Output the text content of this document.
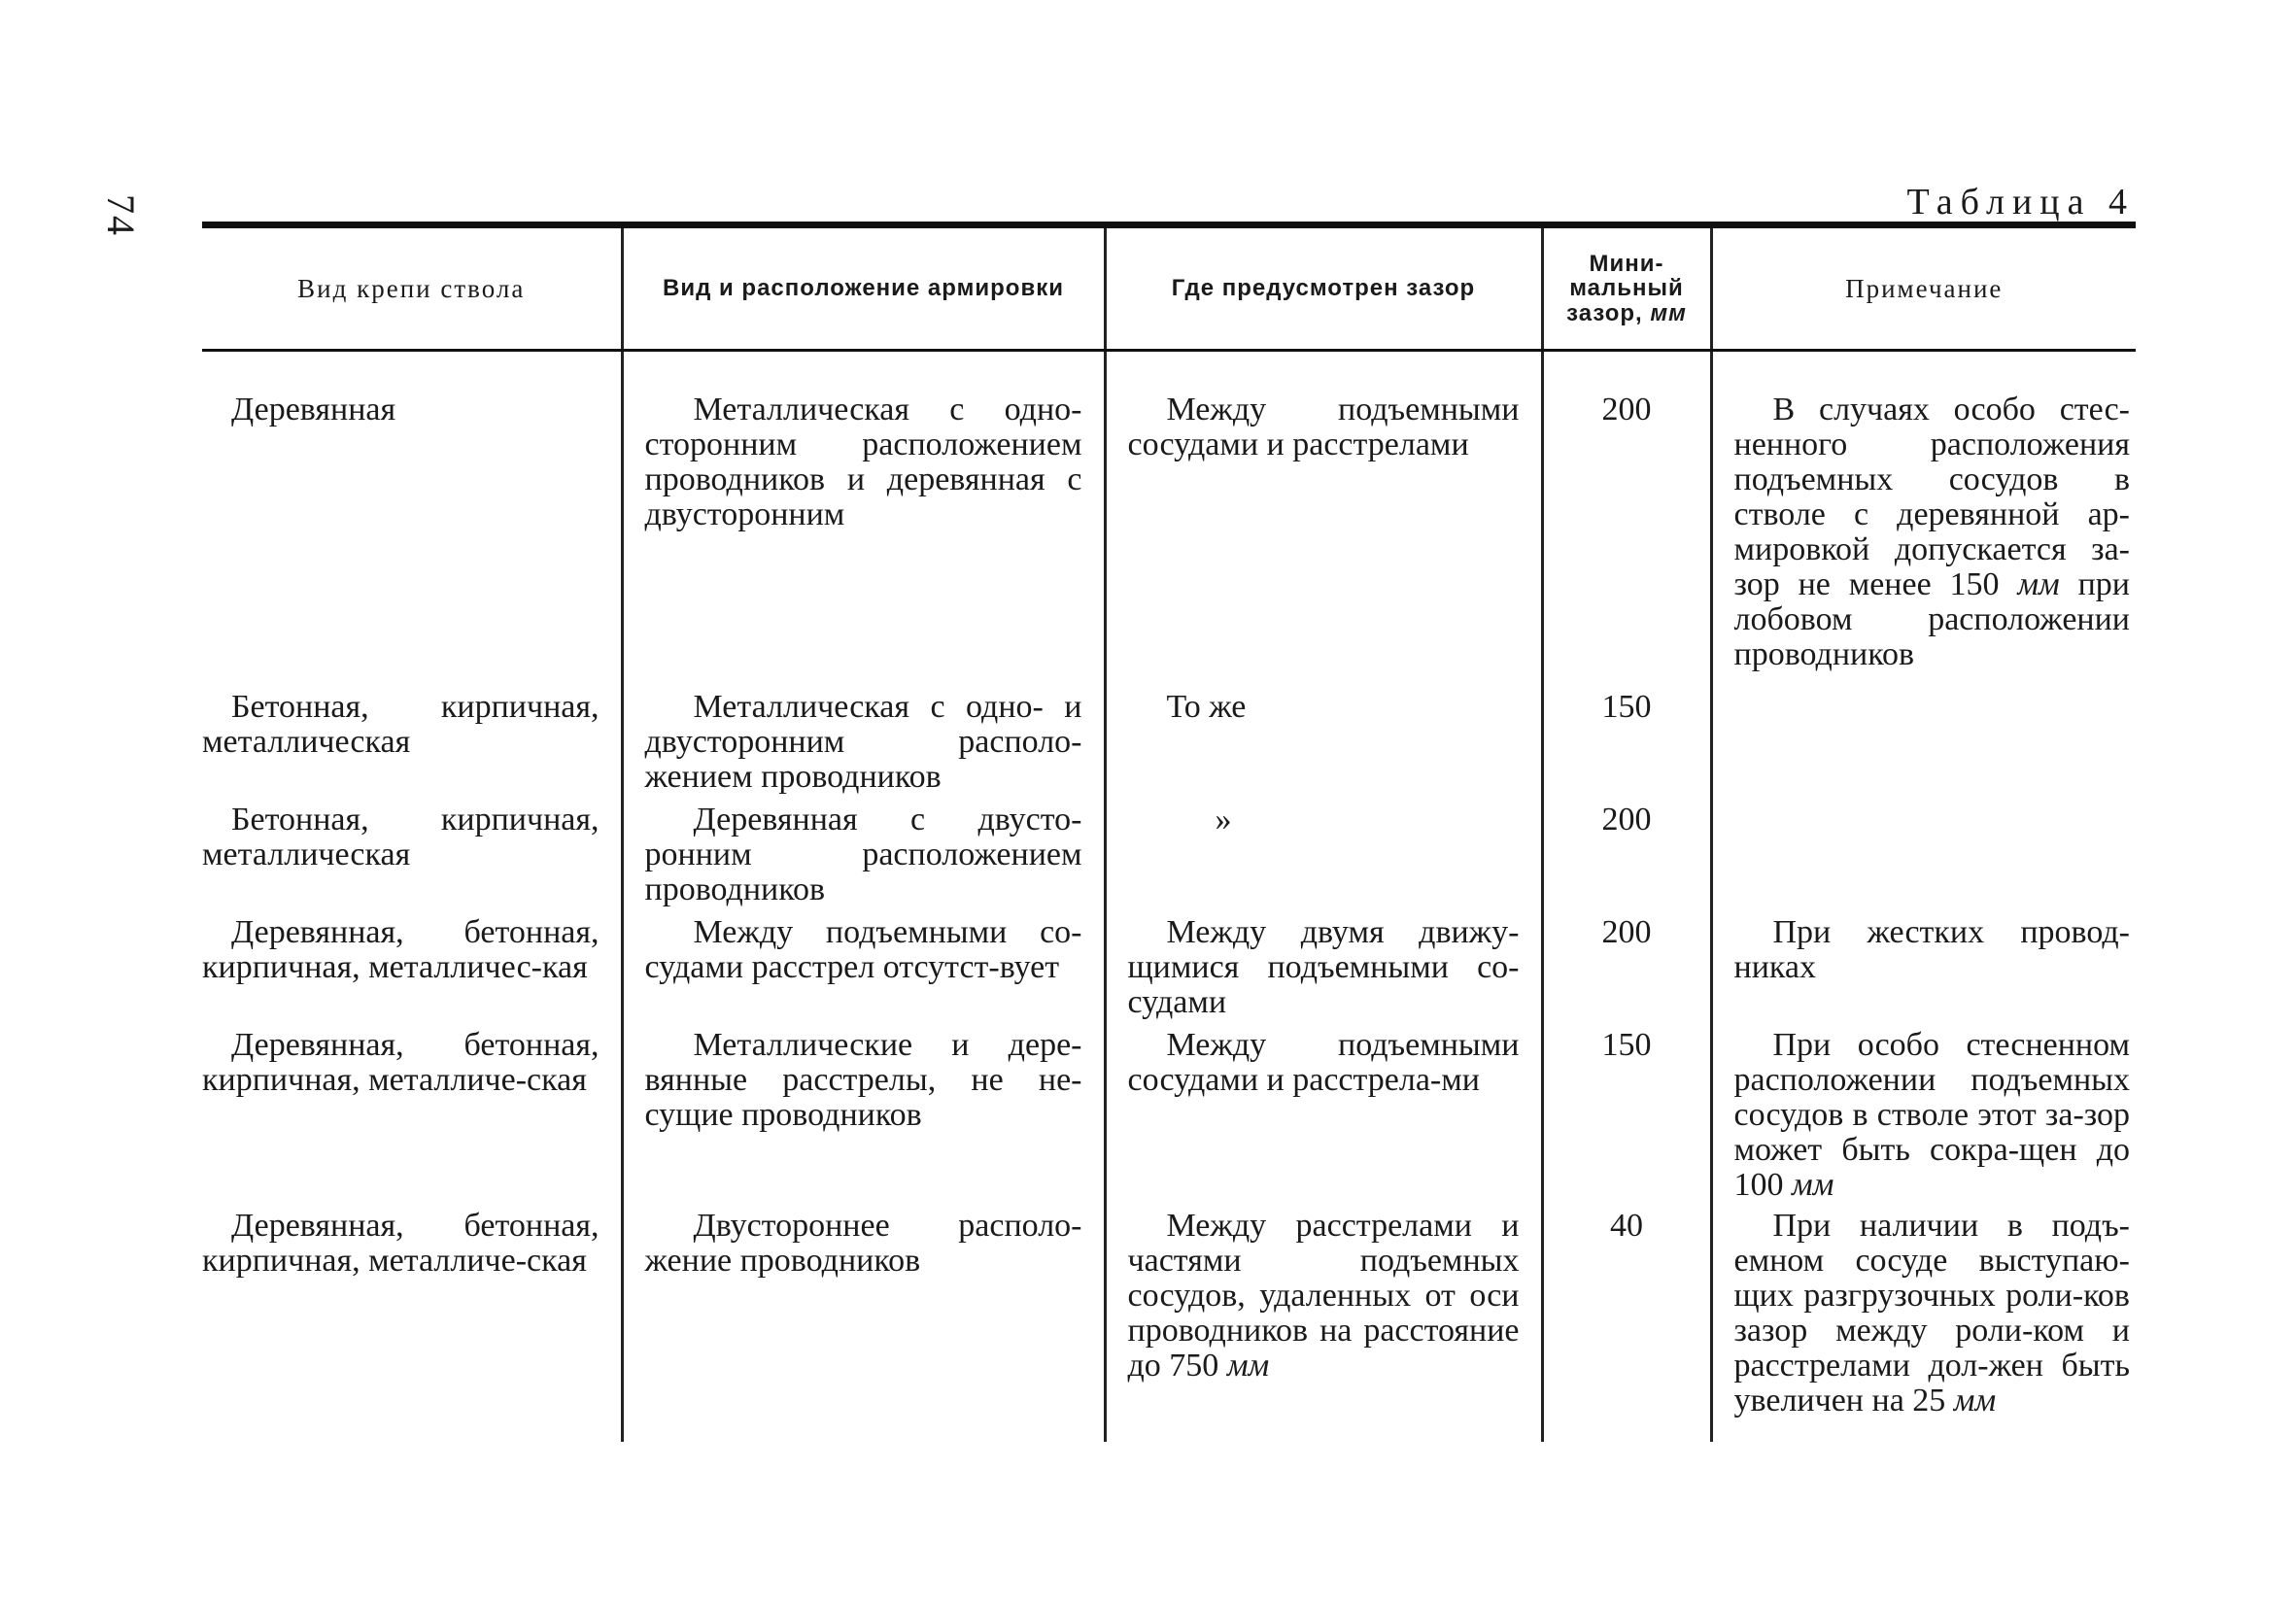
74	Таблица 4
Вид крепи ствола	Вид и расположение армировки	Где предусмотрен зазор	Мини-мальный зазор, мм	Примечание
Деревянная	Металлическая с одно-сторонним расположением проводников и деревянная с двусторонним	Между подъемными сосудами и расстрелами	200	В случаях особо стес-ненного расположения подъемных сосудов в стволе с деревянной ар-мировкой допускается за-зор не менее 150 мм при лобовом расположении проводников
Бетонная, кирпичная, металлическая	Металлическая с одно- и двусторонним располо-жением проводников	То же	150	
Бетонная, кирпичная, металлическая	Деревянная с двусто-ронним расположением проводников	»	200	
Деревянная, бетонная, кирпичная, металличес-кая	Между подъемными со-судами расстрел отсутст-вует	Между двумя движу-щимися подъемными со-судами	200	При жестких провод-никах
Деревянная, бетонная, кирпичная, металличе-ская	Металлические и дере-вянные расстрелы, не не-сущие проводников	Между подъемными сосудами и расстрела-ми	150	При особо стесненном расположении подъемных сосудов в стволе этот за-зор может быть сокра-щен до 100 мм
Деревянная, бетонная, кирпичная, металличе-ская	Двустороннее располо-жение проводников	Между расстрелами и частями подъемных сосудов, удаленных от оси проводников на расстояние до 750 мм	40	При наличии в подъ-емном сосуде выступаю-щих разгрузочных роли-ков зазор между роли-ком и расстрелами дол-жен быть увеличен на 25 мм
